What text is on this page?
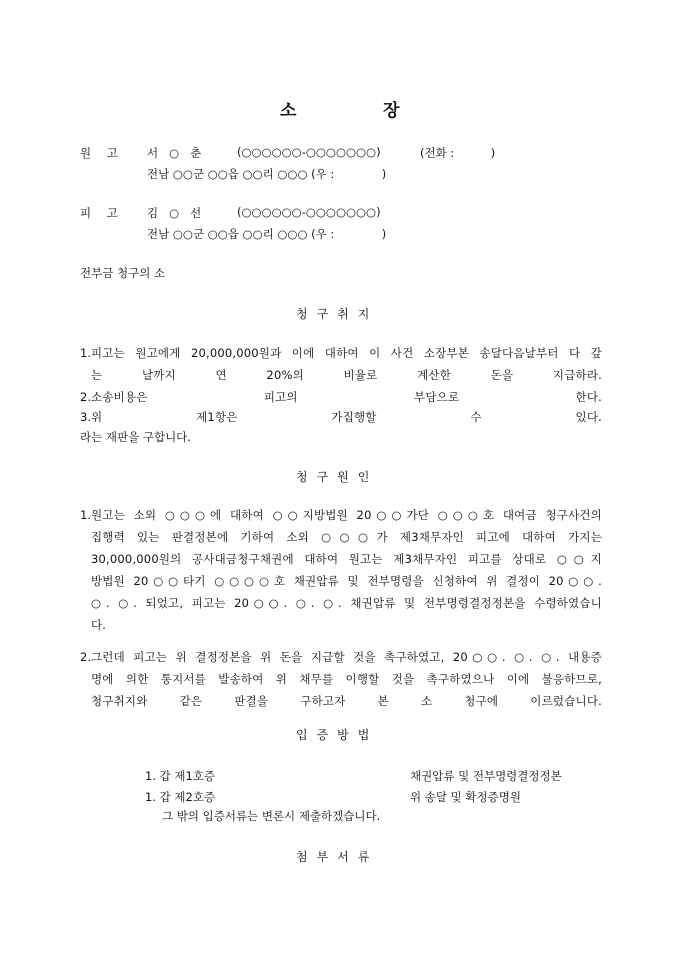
소	장
원 고 서   ○   춘	(○○○○○○-○○○○○○○)	(전화 :          )
전남 ○○군 ○○읍 ○○리 ○○○ (우 :             )
피 고 김   ○   선	(○○○○○○-○○○○○○○)
전남 ○○군 ○○읍 ○○리 ○○○ (우 :             )
전부금 청구의 소
청구취지
1. 피고는 원고에게 20,000,000원과 이에 대하여 이 사건 소장부본 송달다음날부터 다 갚
는 날까지 연 20%의 비율로 계산한 돈을 지급하라.
2. 소송비용은 피고의 부담으로 한다.
3. 위 제1항은 가집행할 수 있다.
라는 재판을 구합니다.
청구원인
1. 원고는 소외 ○○○에 대하여 ○○지방법원 20○○가단 ○○○호 대여금 청구사건의
집행력 있는 판결정본에 기하여 소외 ○○○가 제3채무자인 피고에 대하여 가지는
30,000,000원의 공사대금청구채권에 대하여 원고는 제3채무자인 피고를 상대로 ○○지
방법원 20○○타기 ○○○○호 채권압류 및 전부명령을 신청하여 위 결정이 20○○.
○. ○. 되었고, 피고는 20○○. ○. ○. 채권압류 및 전부명령결정정본을 수령하였습니
다.
2. 그런데 피고는 위 결정정본을 위 돈을 지급할 것을 촉구하였고, 20○○. ○. ○. 내용증
명에 의한 통지서를 발송하여 위 채무를 이행할 것을 촉구하였으나 이에 불응하므로,
청구취지와 같은 판결을 구하고자 본 소 청구에 이르렀습니다.
입증방법
1. 갑 제1호증	채권압류 및 전부명령결정정본
1. 갑 제2호증	위 송달 및 확정증명원
그 밖의 입증서류는 변론시 제출하겠습니다.
첨부서류
